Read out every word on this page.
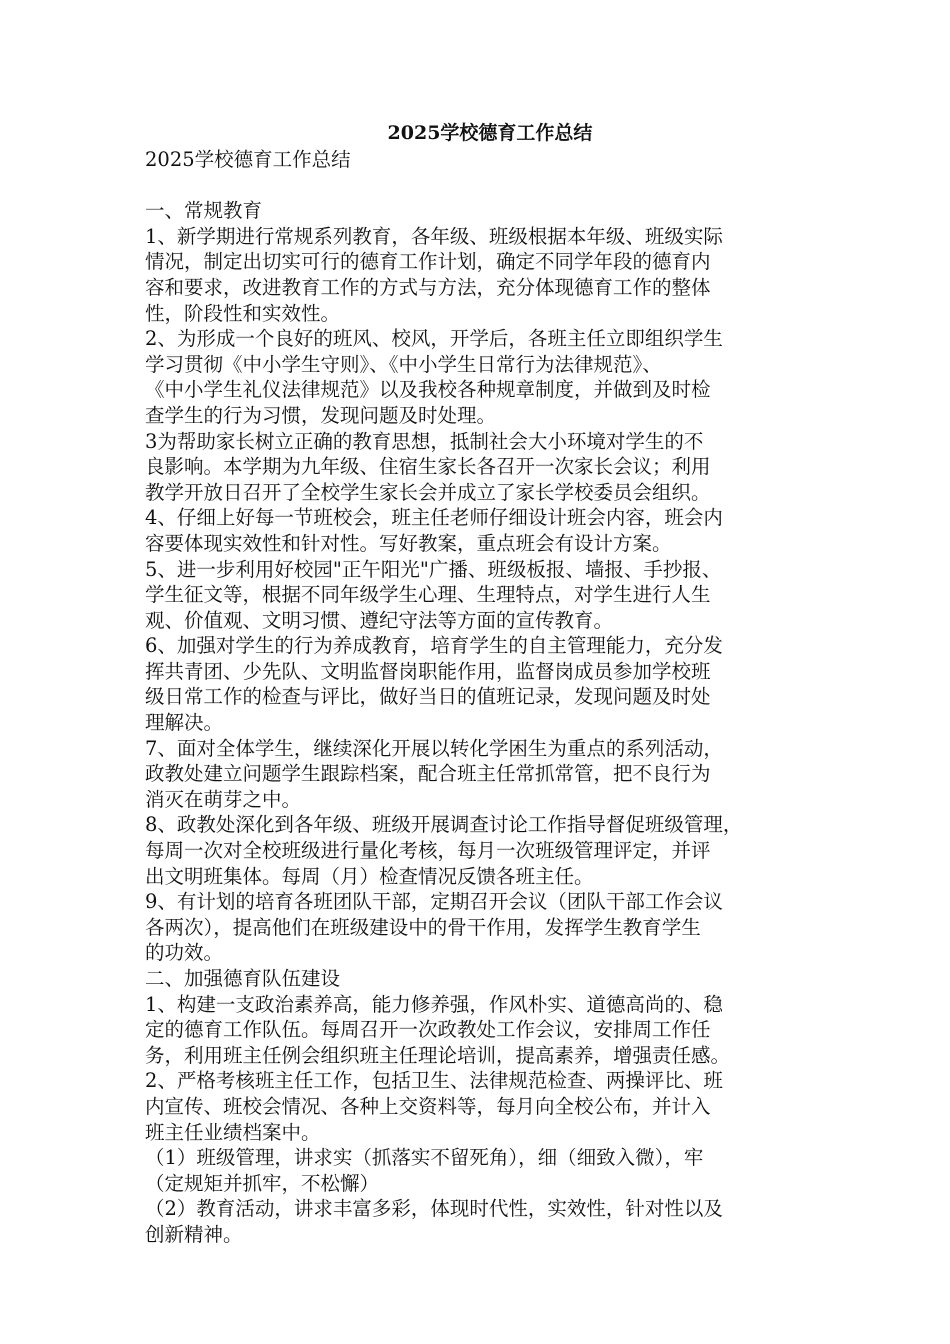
2025学校德育工作总结
2025学校德育工作总结
一、常规教育
1、新学期进行常规系列教育，各年级、班级根据本年级、班级实际
情况，制定出切实可行的德育工作计划，确定不同学年段的德育内
容和要求，改进教育工作的方式与方法，充分体现德育工作的整体
性，阶段性和实效性。
2、为形成一个良好的班风、校风，开学后，各班主任立即组织学生
学习贯彻《中小学生守则》、《中小学生日常行为法律规范》、
《中小学生礼仪法律规范》以及我校各种规章制度，并做到及时检
查学生的行为习惯，发现问题及时处理。
3为帮助家长树立正确的教育思想，抵制社会大小环境对学生的不
良影响。本学期为九年级、住宿生家长各召开一次家长会议；利用
教学开放日召开了全校学生家长会并成立了家长学校委员会组织。
4、仔细上好每一节班校会，班主任老师仔细设计班会内容，班会内
容要体现实效性和针对性。写好教案，重点班会有设计方案。
5、进一步利用好校园"正午阳光"广播、班级板报、墙报、手抄报、
学生征文等，根据不同年级学生心理、生理特点，对学生进行人生
观、价值观、文明习惯、遵纪守法等方面的宣传教育。
6、加强对学生的行为养成教育，培育学生的自主管理能力，充分发
挥共青团、少先队、文明监督岗职能作用，监督岗成员参加学校班
级日常工作的检查与评比，做好当日的值班记录，发现问题及时处
理解决。
7、面对全体学生，继续深化开展以转化学困生为重点的系列活动，
政教处建立问题学生跟踪档案，配合班主任常抓常管，把不良行为
消灭在萌芽之中。
8、政教处深化到各年级、班级开展调查讨论工作指导督促班级管理，
每周一次对全校班级进行量化考核，每月一次班级管理评定，并评
出文明班集体。每周（月）检查情况反馈各班主任。
9、有计划的培育各班团队干部，定期召开会议（团队干部工作会议
各两次），提高他们在班级建设中的骨干作用，发挥学生教育学生
的功效。
二、加强德育队伍建设
1、构建一支政治素养高，能力修养强，作风朴实、道德高尚的、稳
定的德育工作队伍。每周召开一次政教处工作会议，安排周工作任
务，利用班主任例会组织班主任理论培训，提高素养，增强责任感。
2、严格考核班主任工作，包括卫生、法律规范检查、两操评比、班
内宣传、班校会情况、各种上交资料等，每月向全校公布，并计入
班主任业绩档案中。
（1）班级管理，讲求实（抓落实不留死角），细（细致入微），牢
（定规矩并抓牢，不松懈）
（2）教育活动，讲求丰富多彩，体现时代性，实效性，针对性以及
创新精神。
